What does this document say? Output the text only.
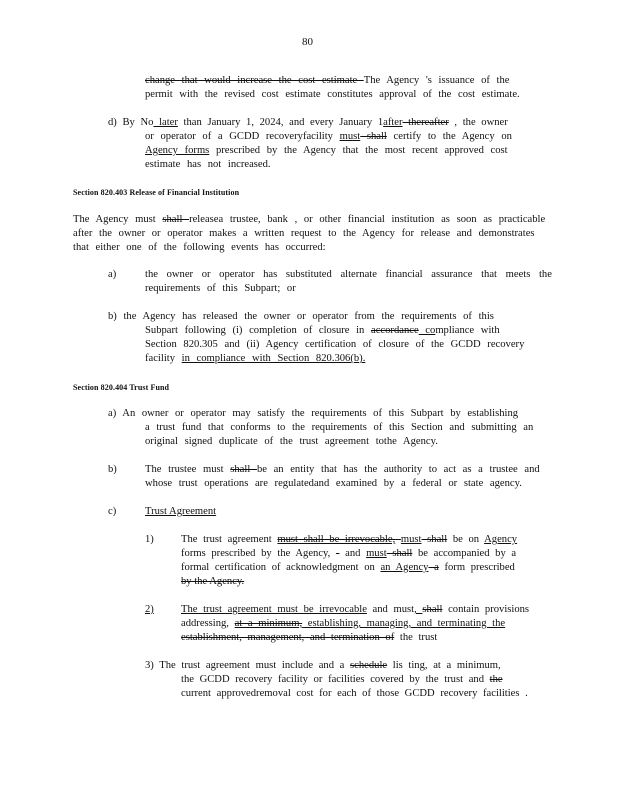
80
change that would increase the cost estimate The Agency 's issuance of the
permit with the revised cost estimate constitutes approval of the cost estimate.
d) By No later than January 1, 2024, and every January 1after thereafter , the owner
or operator of a GCDD recoveryfacility must shall certify to the Agency on
Agency forms prescribed by the Agency that the most recent approved cost
estimate has not increased.
Section 820.403 Release of Financial Institution
The Agency must shall releasea trustee, bank , or other financial institution as soon as practicable
after the owner or operator makes a written request to the Agency for release and demonstrates
that either one of the following events has occurred:
a)	the owner or operator has substituted alternate financial assurance that meets the
requirements of this Subpart; or
b) the Agency has released the owner or operator from the requirements of this
Subpart following (i) completion of closure in accordance compliance with
Section 820.305 and (ii) Agency certification of closure of the GCDD recovery
facility in compliance with Section 820.306(b).
Section 820.404 Trust Fund
a) An owner or operator may satisfy the requirements of this Subpart by establishing
a trust fund that conforms to the requirements of this Section and submitting an
original signed duplicate of the trust agreement tothe Agency.
b)	The trustee must shall be an entity that has the authority to act as a trustee and
whose trust operations are regulatedand examined by a federal or state agency.
c)	Trust Agreement
1)	The trust agreement must shall be irrevocable, must shall be on Agency
forms prescribed by the Agency, - and must shall be accompanied by a
formal certification of acknowledgment on an Agency a form prescribed
by the Agency.
2)	The trust agreement must be irrevocable and must, shall contain provisions
addressing, at a minimum, establishing, managing, and terminating the
establishment, management, and termination of the trust
3) The trust agreement must include and a schedule lis ting, at a minimum,
the GCDD recovery facility or facilities covered by the trust and the
current approvedremoval cost for each of those GCDD recovery facilities .
